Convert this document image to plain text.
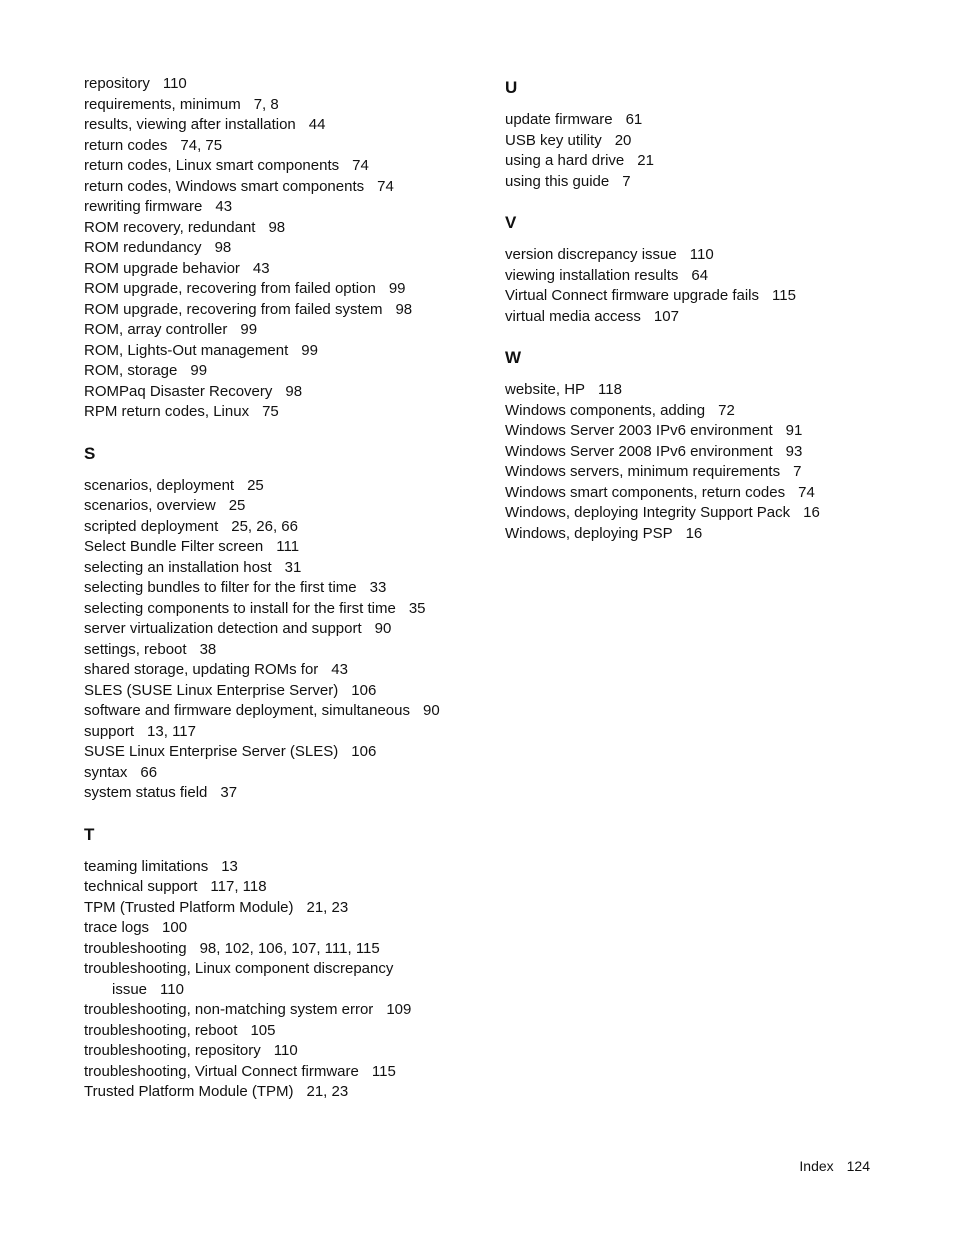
repository 110
requirements, minimum 7, 8
results, viewing after installation 44
return codes 74, 75
return codes, Linux smart components 74
return codes, Windows smart components 74
rewriting firmware 43
ROM recovery, redundant 98
ROM redundancy 98
ROM upgrade behavior 43
ROM upgrade, recovering from failed option 99
ROM upgrade, recovering from failed system 98
ROM, array controller 99
ROM, Lights-Out management 99
ROM, storage 99
ROMPaq Disaster Recovery 98
RPM return codes, Linux 75
S
scenarios, deployment 25
scenarios, overview 25
scripted deployment 25, 26, 66
Select Bundle Filter screen 111
selecting an installation host 31
selecting bundles to filter for the first time 33
selecting components to install for the first time 35
server virtualization detection and support 90
settings, reboot 38
shared storage, updating ROMs for 43
SLES (SUSE Linux Enterprise Server) 106
software and firmware deployment, simultaneous 90
support 13, 117
SUSE Linux Enterprise Server (SLES) 106
syntax 66
system status field 37
T
teaming limitations 13
technical support 117, 118
TPM (Trusted Platform Module) 21, 23
trace logs 100
troubleshooting 98, 102, 106, 107, 111, 115
troubleshooting, Linux component discrepancy
issue 110
troubleshooting, non-matching system error 109
troubleshooting, reboot 105
troubleshooting, repository 110
troubleshooting, Virtual Connect firmware 115
Trusted Platform Module (TPM) 21, 23
U
update firmware 61
USB key utility 20
using a hard drive 21
using this guide 7
V
version discrepancy issue 110
viewing installation results 64
Virtual Connect firmware upgrade fails 115
virtual media access 107
W
website, HP 118
Windows components, adding 72
Windows Server 2003 IPv6 environment 91
Windows Server 2008 IPv6 environment 93
Windows servers, minimum requirements 7
Windows smart components, return codes 74
Windows, deploying Integrity Support Pack 16
Windows, deploying PSP 16
Index 124
